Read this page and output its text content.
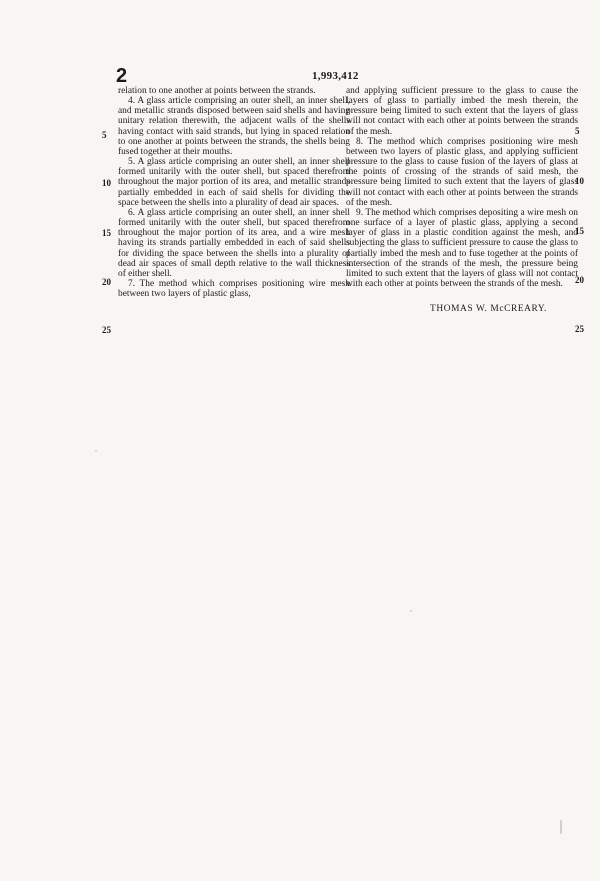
2	1,993,412

relation to one another at points between the strands.

4. A glass article comprising an outer shell, an inner shell, and metallic strands disposed between said shells and having unitary relation therewith, the adjacent walls of the shells having contact with said strands, but lying in spaced relation to one another at points between the strands, the shells being fused together at their mouths.

5. A glass article comprising an outer shell, an inner shell formed unitarily with the outer shell, but spaced therefrom throughout the major portion of its area, and metallic strands partially embedded in each of said shells for dividing the space between the shells into a plurality of dead air spaces.

6. A glass article comprising an outer shell, an inner shell formed unitarily with the outer shell, but spaced therefrom throughout the major portion of its area, and a wire mesh having its strands partially embedded in each of said shells for dividing the space between the shells into a plurality of dead air spaces of small depth relative to the wall thickness of either shell.

7. The method which comprises positioning wire mesh between two layers of plastic glass,

and applying sufficient pressure to the glass to cause the layers of glass to partially imbed the mesh therein, the pressure being limited to such extent that the layers of glass will not contact with each other at points between the strands of the mesh.

8. The method which comprises positioning wire mesh between two layers of plastic glass, and applying sufficient pressure to the glass to cause fusion of the layers of glass at the points of crossing of the strands of said mesh, the pressure being limited to such extent that the layers of glass will not contact with each other at points between the strands of the mesh.

9. The method which comprises depositing a wire mesh on one surface of a layer of plastic glass, applying a second layer of glass in a plastic condition against the mesh, and subjecting the glass to sufficient pressure to cause the glass to partially imbed the mesh and to fuse together at the points of intersection of the strands of the mesh, the pressure being limited to such extent that the layers of glass will not contact with each other at points between the strands of the mesh.

5
10
15
20
25
5
10
15
20
25
THOMAS W. McCREARY.
